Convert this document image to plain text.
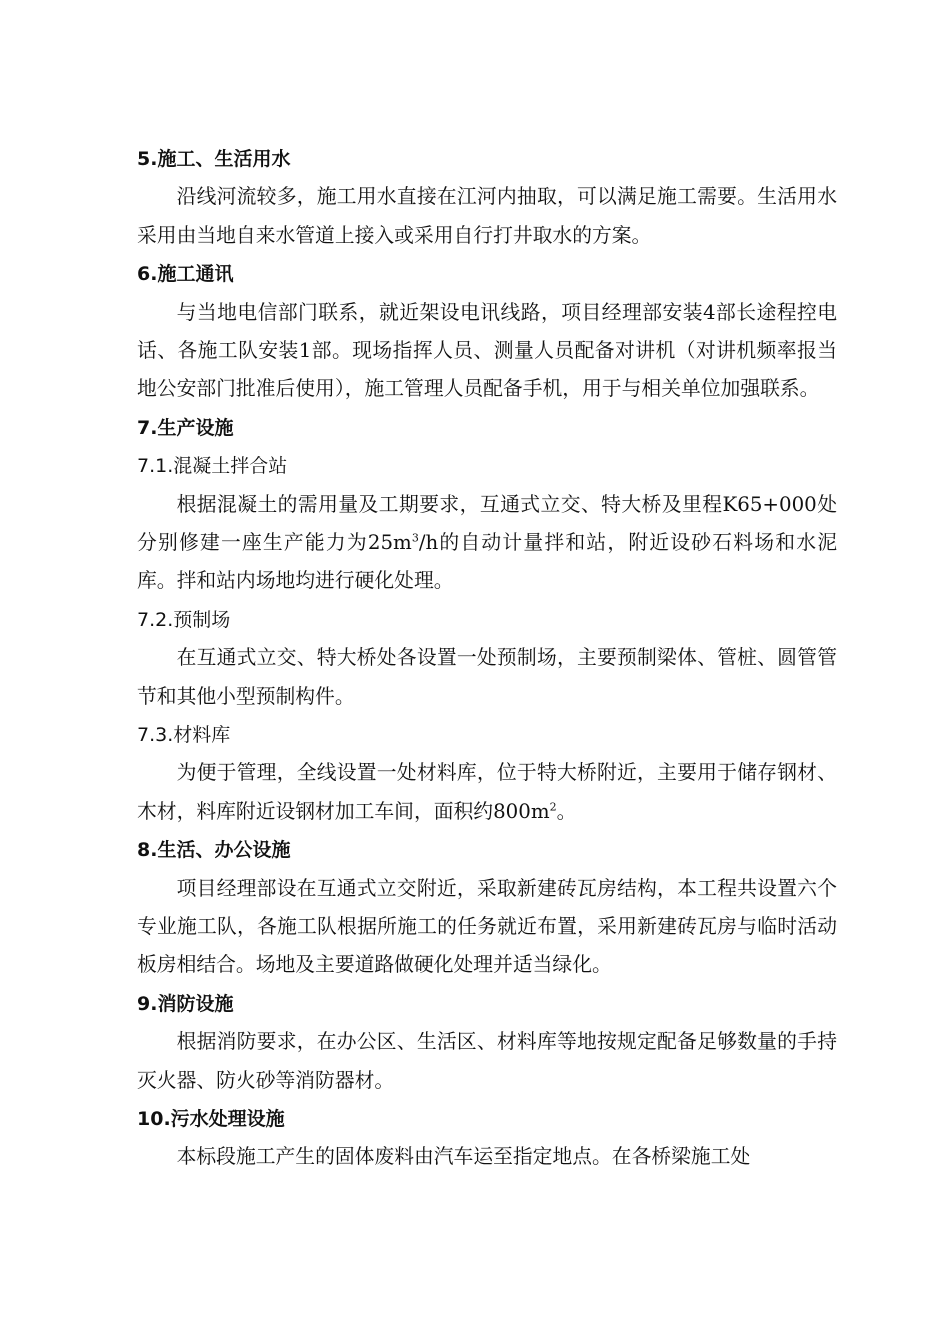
5.施工、生活用水

沿线河流较多，施工用水直接在江河内抽取，可以满足施工需要。生活用水采用由当地自来水管道上接入或采用自行打井取水的方案。

6.施工通讯

与当地电信部门联系，就近架设电讯线路，项目经理部安装4部长途程控电话、各施工队安装1部。现场指挥人员、测量人员配备对讲机（对讲机频率报当地公安部门批准后使用），施工管理人员配备手机，用于与相关单位加强联系。

7.生产设施

7.1.混凝土拌合站

根据混凝土的需用量及工期要求，互通式立交、特大桥及里程K65+000处分别修建一座生产能力为$25m^3/h$的自动计量拌和站，附近设砂石料场和水泥库。拌和站内场地均进行硬化处理。

7.2.预制场

在互通式立交、特大桥处各设置一处预制场，主要预制梁体、管桩、圆管管节和其他小型预制构件。

7.3.材料库

为便于管理，全线设置一处材料库，位于特大桥附近，主要用于储存钢材、木材，料库附近设钢材加工车间，面积约$800m^2$。

8.生活、办公设施

项目经理部设在互通式立交附近，采取新建砖瓦房结构，本工程共设置六个专业施工队，各施工队根据所施工的任务就近布置，采用新建砖瓦房与临时活动板房相结合。场地及主要道路做硬化处理并适当绿化。

9.消防设施

根据消防要求，在办公区、生活区、材料库等地按规定配备足够数量的手持灭火器、防火砂等消防器材。

10.污水处理设施

本标段施工产生的固体废料由汽车运至指定地点。在各桥梁施工处
